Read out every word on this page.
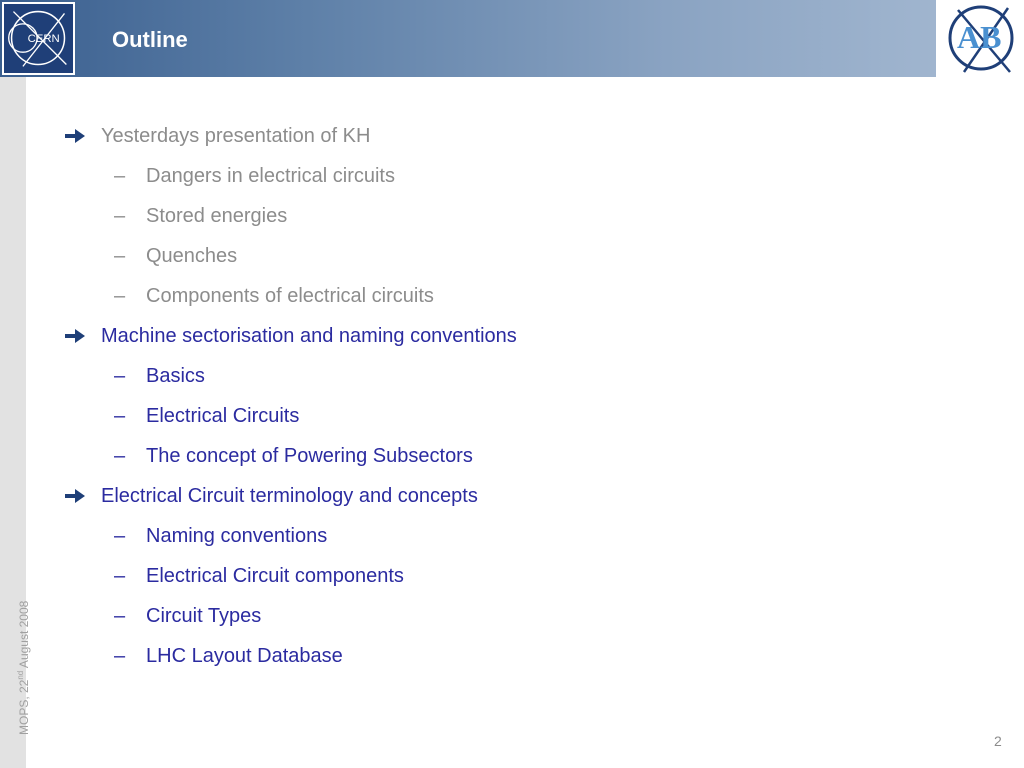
CERN Outline	AB
MOPS, 22nd August 2008
Yesterdays presentation of KH
–	Dangers in electrical circuits
–	Stored energies
–	Quenches
–	Components of electrical circuits
Machine sectorisation and naming conventions
–	Basics
–	Electrical Circuits
–	The concept of Powering Subsectors
Electrical Circuit terminology and concepts
–	Naming conventions
–	Electrical Circuit components
–	Circuit Types
–	LHC Layout Database
2
